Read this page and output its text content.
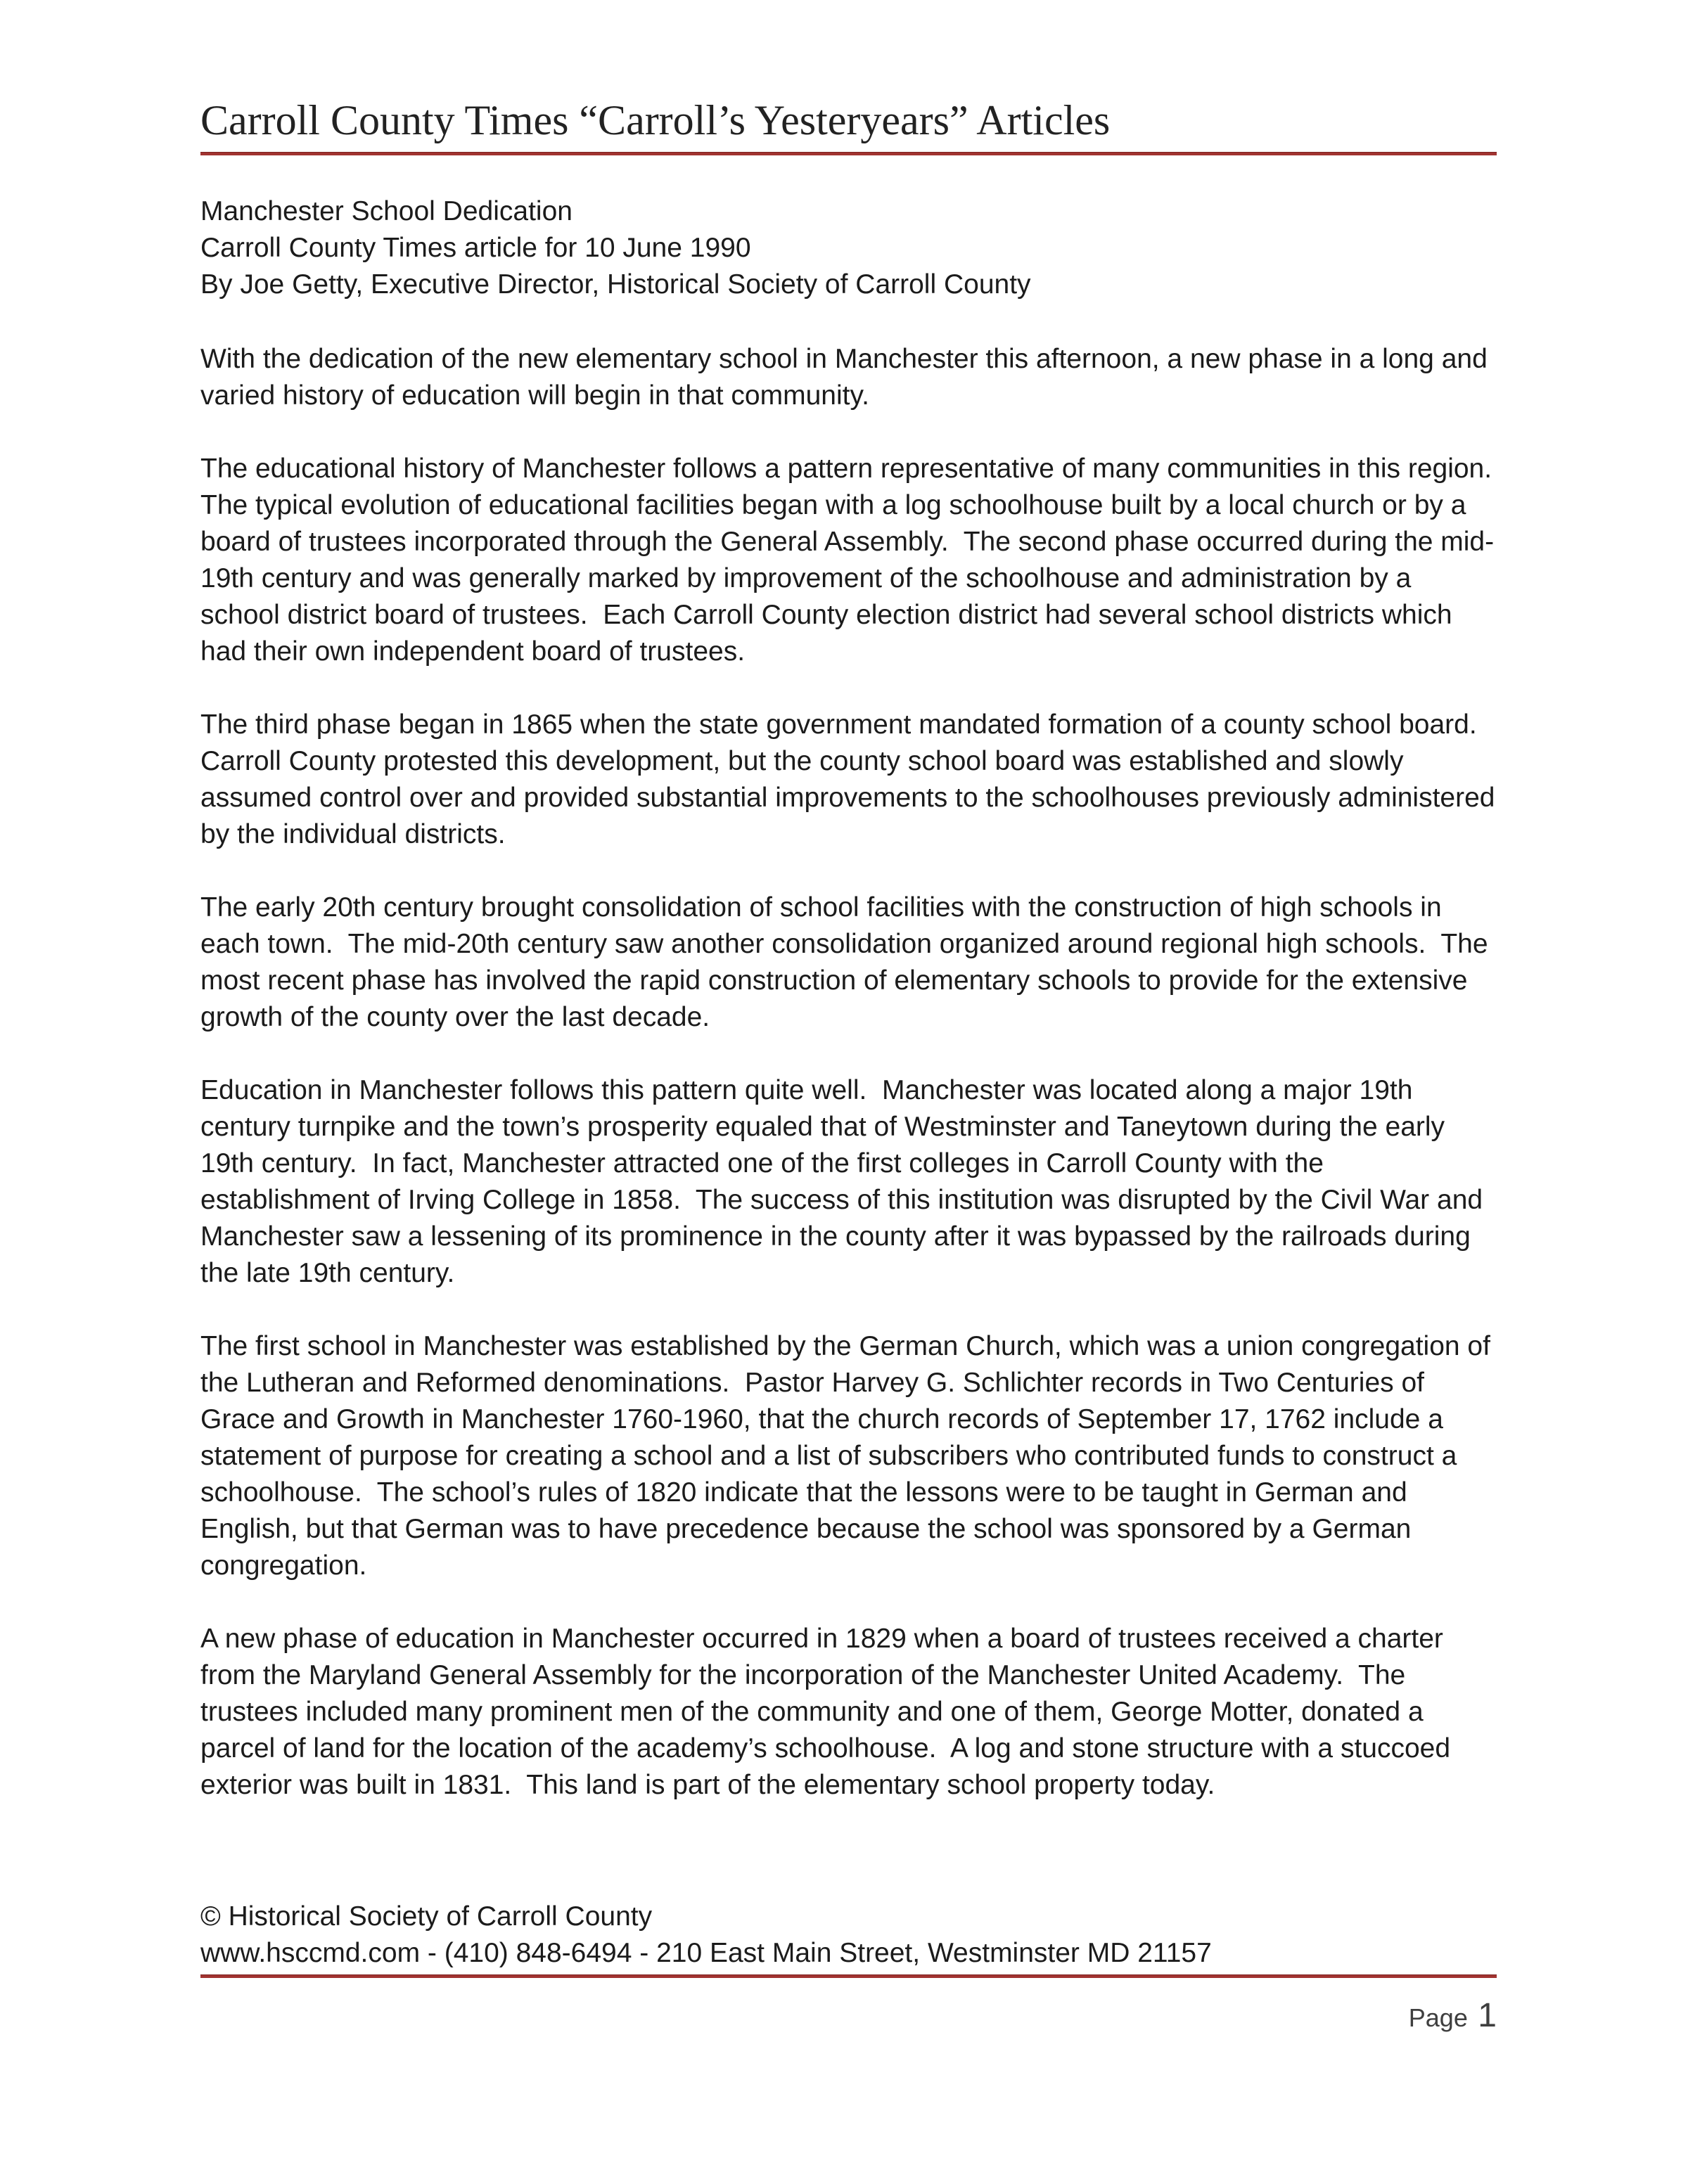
Carroll County Times “Carroll’s Yesteryears” Articles
Manchester School Dedication
Carroll County Times article for 10 June 1990
By Joe Getty, Executive Director, Historical Society of Carroll County

With the dedication of the new elementary school in Manchester this afternoon, a new phase in a long and varied history of education will begin in that community.

The educational history of Manchester follows a pattern representative of many communities in this region.  The typical evolution of educational facilities began with a log schoolhouse built by a local church or by a board of trustees incorporated through the General Assembly.  The second phase occurred during the mid-19th century and was generally marked by improvement of the schoolhouse and administration by a school district board of trustees.  Each Carroll County election district had several school districts which had their own independent board of trustees.

The third phase began in 1865 when the state government mandated formation of a county school board.  Carroll County protested this development, but the county school board was established and slowly assumed control over and provided substantial improvements to the schoolhouses previously administered by the individual districts.

The early 20th century brought consolidation of school facilities with the construction of high schools in each town.  The mid-20th century saw another consolidation organized around regional high schools.  The most recent phase has involved the rapid construction of elementary schools to provide for the extensive growth of the county over the last decade.

Education in Manchester follows this pattern quite well.  Manchester was located along a major 19th century turnpike and the town’s prosperity equaled that of Westminster and Taneytown during the early 19th century.  In fact, Manchester attracted one of the first colleges in Carroll County with the establishment of Irving College in 1858.  The success of this institution was disrupted by the Civil War and Manchester saw a lessening of its prominence in the county after it was bypassed by the railroads during the late 19th century.

The first school in Manchester was established by the German Church, which was a union congregation of the Lutheran and Reformed denominations.  Pastor Harvey G. Schlichter records in Two Centuries of Grace and Growth in Manchester 1760-1960, that the church records of September 17, 1762 include a statement of purpose for creating a school and a list of subscribers who contributed funds to construct a schoolhouse.  The school’s rules of 1820 indicate that the lessons were to be taught in German and English, but that German was to have precedence because the school was sponsored by a German congregation.

A new phase of education in Manchester occurred in 1829 when a board of trustees received a charter from the Maryland General Assembly for the incorporation of the Manchester United Academy.  The trustees included many prominent men of the community and one of them, George Motter, donated a parcel of land for the location of the academy’s schoolhouse.  A log and stone structure with a stuccoed exterior was built in 1831.  This land is part of the elementary school property today.

© Historical Society of Carroll County
www.hsccmd.com - (410) 848-6494 - 210 East Main Street, Westminster MD 21157
Page 1
